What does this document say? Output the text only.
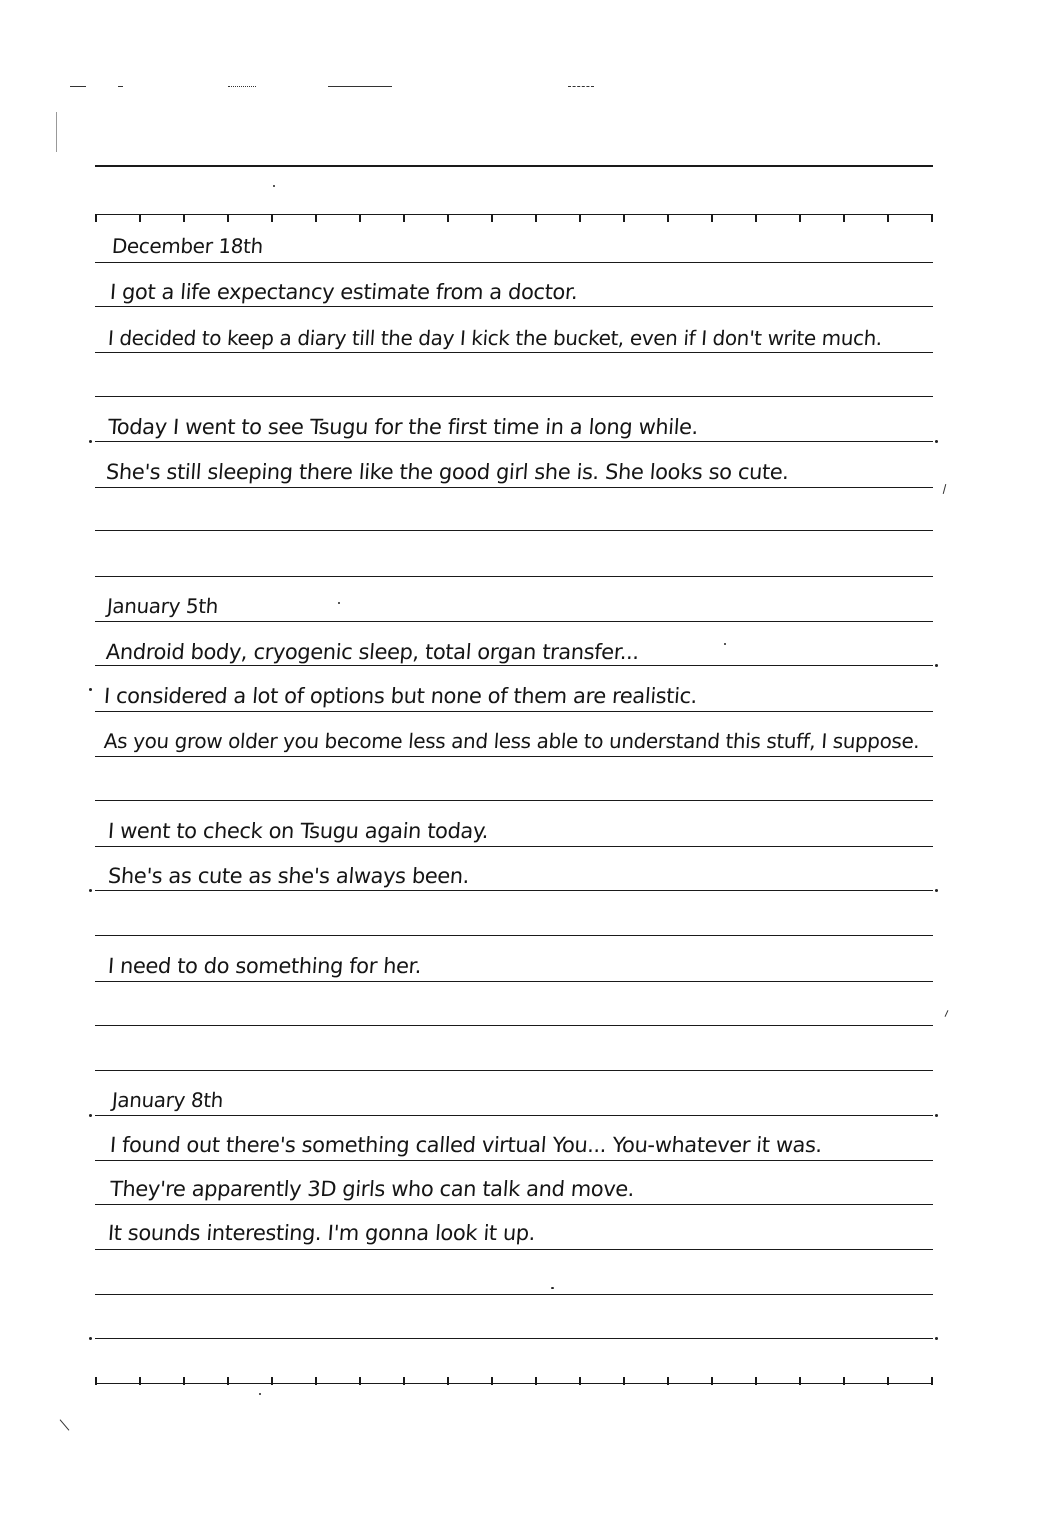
December 18th
I got a life expectancy estimate from a doctor.
I decided to keep a diary till the day I kick the bucket, even if I don't write much.
Today I went to see Tsugu for the first time in a long while.
She's still sleeping there like the good girl she is. She looks so cute.
January 5th
Android body, cryogenic sleep, total organ transfer...
I considered a lot of options but none of them are realistic.
As you grow older you become less and less able to understand this stuff, I suppose.
I went to check on Tsugu again today.
She's as cute as she's always been.
I need to do something for her.
January 8th
I found out there's something called virtual You... You-whatever it was.
They're apparently 3D girls who can talk and move.
It sounds interesting. I'm gonna look it up.
